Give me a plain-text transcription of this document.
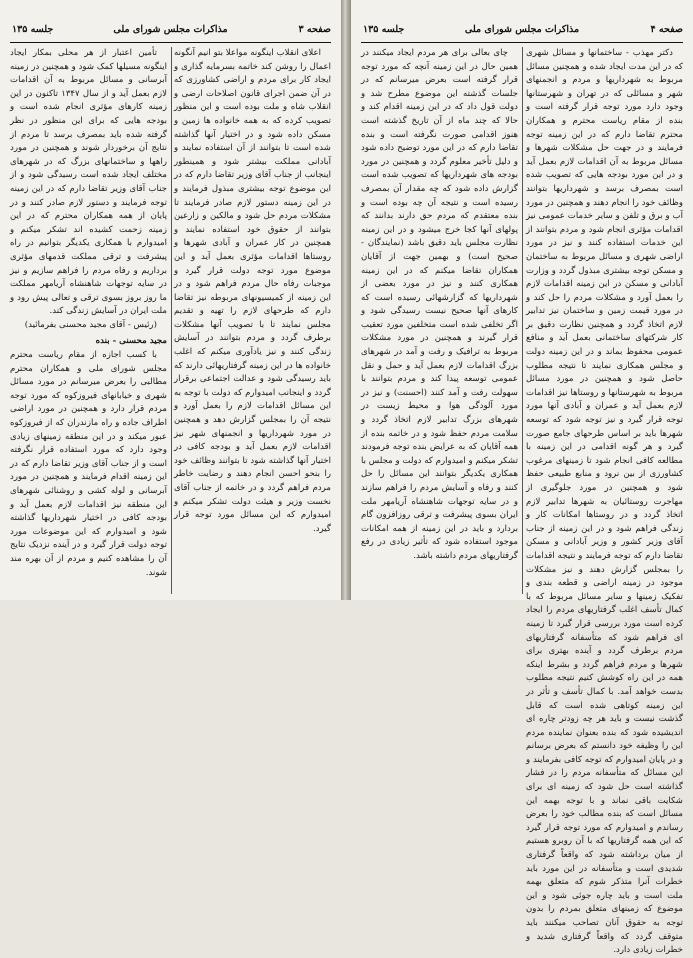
صفحه ۳
مذاکرات مجلس شورای ملی
جلسه ۱۳۵

اعلای انقلاب اینگونه مواعلا بتو انیم آنگونه اعمال را روشن کند خاتمه بسرمایه گذاری و ایجاد کار برای مردم و اراضی کشاورزی که در آن ضمن اجرای قانون اصلاحات ارضی و انقلاب شاه و ملت بوده است و این منظور تصویب کرده که به همه خانواده ها زمین و مسکن داده شود و در اختیار آنها گذاشته شده است تا بتوانند از آن استفاده نمایند و آبادانی مملکت بیشتر شود و همینطور اینجانب از جناب آقای وزیر تقاضا دارم که در این موضوع توجه بیشتری مبذول فرمایند و در این زمینه دستور لازم صادر فرمایند تا مشکلات مردم حل شود و مالکین و زارعین بتوانند از حقوق خود استفاده نمایند و همچنین در کار عمران و آبادی شهرها و روستاها اقدامات مؤثری بعمل آید و این موضوع مورد توجه دولت قرار گیرد و موجبات رفاه حال مردم فراهم شود و در این زمینه از کمیسیونهای مربوطه نیز تقاضا دارم که طرحهای لازم را تهیه و تقدیم مجلس نمایند تا با تصویب آنها مشکلات برطرف گردد و مردم بتوانند در آسایش زندگی کنند و نیز یادآوری میکنم که اغلب خانواده ها در این زمینه گرفتاریهائی دارند که باید رسیدگی شود و عدالت اجتماعی برقرار گردد و اینجانب امیدوارم که دولت با توجه به این مسائل اقدامات لازم را بعمل آورد و نتیجه آن را بمجلس گزارش دهد و همچنین در مورد شهرداریها و انجمنهای شهر نیز اقدامات لازم بعمل آید و بودجه کافی در اختیار آنها گذاشته شود تا بتوانند وظائف خود را بنحو احسن انجام دهند و رضایت خاطر مردم فراهم گردد و در خاتمه از جناب آقای نخست وزیر و هیئت دولت تشکر میکنم و امیدوارم که این مسائل مورد توجه قرار گیرد.

تأمین اعتبار از هر محلی بمکار ایجاد اینگونه مسیلها کمک شود و همچنین در زمینه آبرسانی و مسائل مربوط به آن اقدامات لازم بعمل آید و از سال ۱۳۴۷ تاکنون در این زمینه کارهای مؤثری انجام شده است و بودجه هایی که برای این منظور در نظر گرفته شده باید بمصرف برسد تا مردم از نتایج آن برخوردار شوند و همچنین در مورد راهها و ساختمانهای بزرگ که در شهرهای مختلف ایجاد شده است رسیدگی شود و از جناب آقای وزیر تقاضا دارم که در این زمینه توجه فرمایند و دستور لازم صادر کنند و در پایان از همه همکاران محترم که در این زمینه زحمت کشیده اند تشکر میکنم و امیدوارم با همکاری یکدیگر بتوانیم در راه پیشرفت و ترقی مملکت قدمهای مؤثری برداریم و رفاه مردم را فراهم سازیم و نیز در سایه توجهات شاهنشاه آریامهر مملکت ما روز بروز بسوی ترقی و تعالی پیش رود و ملت ایران در آسایش زندگی کند.

(رئیس - آقای مجید محسنی بفرمائید)

مجید محسنی - بنده

با کسب اجازه از مقام ریاست محترم مجلس شورای ملی و همکاران محترم مطالبی را بعرض میرسانم در مورد مسائل شهری و خیابانهای فیروزکوه که مورد توجه مردم قرار دارد و همچنین در مورد اراضی اطراف جاده و راه مازندران که از فیروزکوه عبور میکند و در این منطقه زمینهای زیادی وجود دارد که مورد استفاده قرار نگرفته است و از جناب آقای وزیر تقاضا دارم که در این زمینه اقدام فرمایند و همچنین در مورد آبرسانی و لوله کشی و روشنائی شهرهای این منطقه نیز اقدامات لازم بعمل آید و بودجه کافی در اختیار شهرداریها گذاشته شود و امیدوارم که این موضوعات مورد توجه دولت قرار گیرد و در آینده نزدیک نتایج آن را مشاهده کنیم و مردم از آن بهره مند شوند.

صفحه ۴
مذاکرات مجلس شورای ملی
جلسه ۱۳۵

دکتر مهذب - ساختمانها و مسائل شهری که در این مدت ایجاد شده و همچنین مسائل مربوط به شهرداریها و مردم و انجمنهای شهر و مسائلی که در تهران و شهرستانها وجود دارد مورد توجه قرار گرفته است و بنده از مقام ریاست محترم و همکاران محترم تقاضا دارم که در این زمینه توجه فرمایند و در جهت حل مشکلات شهرها و مسائل مربوط به آن اقدامات لازم بعمل آید و در این مورد بودجه هایی که تصویب شده است بمصرف برسد و شهرداریها بتوانند وظائف خود را انجام دهند و همچنین در مورد آب و برق و تلفن و سایر خدمات عمومی نیز اقدامات مؤثری انجام شود و مردم بتوانند از این خدمات استفاده کنند و نیز در مورد اراضی شهری و مسائل مربوط به ساختمان و مسکن توجه بیشتری مبذول گردد و وزارت آبادانی و مسکن در این زمینه اقدامات لازم را بعمل آورد و مشکلات مردم را حل کند و در مورد قیمت زمین و ساختمان نیز تدابیر لازم اتخاذ گردد و همچنین نظارت دقیق بر کار شرکتهای ساختمانی بعمل آید و منافع عمومی محفوظ بماند و در این زمینه دولت و مجلس همکاری نمایند تا نتیجه مطلوب حاصل شود و همچنین در مورد مسائل مربوط به شهرستانها و روستاها نیز اقدامات لازم بعمل آید و عمران و آبادی آنها مورد توجه قرار گیرد و نیز توجه شود که توسعه شهرها باید بر اساس طرحهای جامع صورت گیرد و هر گونه اقدامی در این زمینه با مطالعه کافی انجام شود تا زمینهای مرغوب کشاورزی از بین نرود و منابع طبیعی حفظ شود و همچنین در مورد جلوگیری از مهاجرت روستائیان به شهرها تدابیر لازم اتخاذ گردد و در روستاها امکانات کار و زندگی فراهم شود و در این زمینه از جناب آقای وزیر کشور و وزیر آبادانی و مسکن تقاضا دارم که توجه فرمایند و نتیجه اقدامات را بمجلس گزارش دهند و نیز مشکلات موجود در زمینه اراضی و قطعه بندی و تفکیک زمینها و سایر مسائل مربوط که با کمال تأسف اغلب گرفتاریهای مردم را ایجاد کرده است مورد بررسی قرار گیرد تا زمینه ای فراهم شود که متأسفانه گرفتاریهای مردم برطرف گردد و آینده بهتری برای شهرها و مردم فراهم گردد و بشرط اینکه همه در این راه کوشش کنیم نتیجه مطلوب بدست خواهد آمد. با کمال تأسف و تأثر در این زمینه کوتاهی شده است که قابل گذشت نیست و باید هر چه زودتر چاره ای اندیشیده شود که بنده بعنوان نماینده مردم این را وظیفه خود دانستم که بعرض برسانم و در پایان امیدوارم که توجه کافی بفرمایند و این مسائل که متأسفانه مردم را در فشار گذاشته است حل شود که زمینه ای برای شکایت باقی نماند و با توجه بهمه این مسائل است که بنده مطالب خود را بعرض رساندم و امیدوارم که مورد توجه قرار گیرد که این همه گرفتاریها که با آن روبرو هستیم از میان برداشته شود که واقعاً گرفتاری شدیدی است و متأسفانه در این مورد باید خطرات آنرا متذکر شوم که متعلق بهمه ملت است و باید چاره جوئی شود و این موضوع که زمینهای متعلق بمردم را بدون توجه به حقوق آنان تصاحب میکنند باید متوقف گردد که واقعاً گرفتاری شدید و خطرات زیادی دارد.

چای بعالی برای هر مردم ایجاد میکنند در همین حال در این زمینه آنچه که مورد توجه قرار گرفته است بعرض میرسانم که در جلسات گذشته این موضوع مطرح شد و دولت قول داد که در این زمینه اقدام کند و حالا که چند ماه از آن تاریخ گذشته است هنوز اقدامی صورت نگرفته است و بنده تقاضا دارم که در این مورد توضیح داده شود و دلیل تأخیر معلوم گردد و همچنین در مورد بودجه های شهرداریها که تصویب شده است گزارش داده شود که چه مقدار آن بمصرف رسیده است و نتیجه آن چه بوده است و بنده معتقدم که مردم حق دارند بدانند که پولهای آنها کجا خرج میشود و در این زمینه نظارت مجلس باید دقیق باشد (نمایندگان - صحیح است) و بهمین جهت از آقایان همکاران تقاضا میکنم که در این زمینه همکاری کنند و نیز در مورد بعضی از شهرداریها که گزارشهائی رسیده است که کارهای آنها صحیح نیست رسیدگی شود و اگر تخلفی شده است متخلفین مورد تعقیب قرار گیرند و همچنین در مورد مشکلات مربوط به ترافیک و رفت و آمد در شهرهای بزرگ اقدامات لازم بعمل آید و حمل و نقل عمومی توسعه پیدا کند و مردم بتوانند با سهولت رفت و آمد کنند (احسنت) و نیز در مورد آلودگی هوا و محیط زیست در شهرهای بزرگ تدابیر لازم اتخاذ گردد و سلامت مردم حفظ شود و در خاتمه بنده از همه آقایان که به عرایض بنده توجه فرمودند تشکر میکنم و امیدوارم که دولت و مجلس با همکاری یکدیگر بتوانند این مسائل را حل کنند و رفاه و آسایش مردم را فراهم سازند و در سایه توجهات شاهنشاه آریامهر ملت ایران بسوی پیشرفت و ترقی روزافزون گام بردارد و باید در این زمینه از همه امکانات موجود استفاده شود که تأثیر زیادی در رفع گرفتاریهای مردم داشته باشد.
